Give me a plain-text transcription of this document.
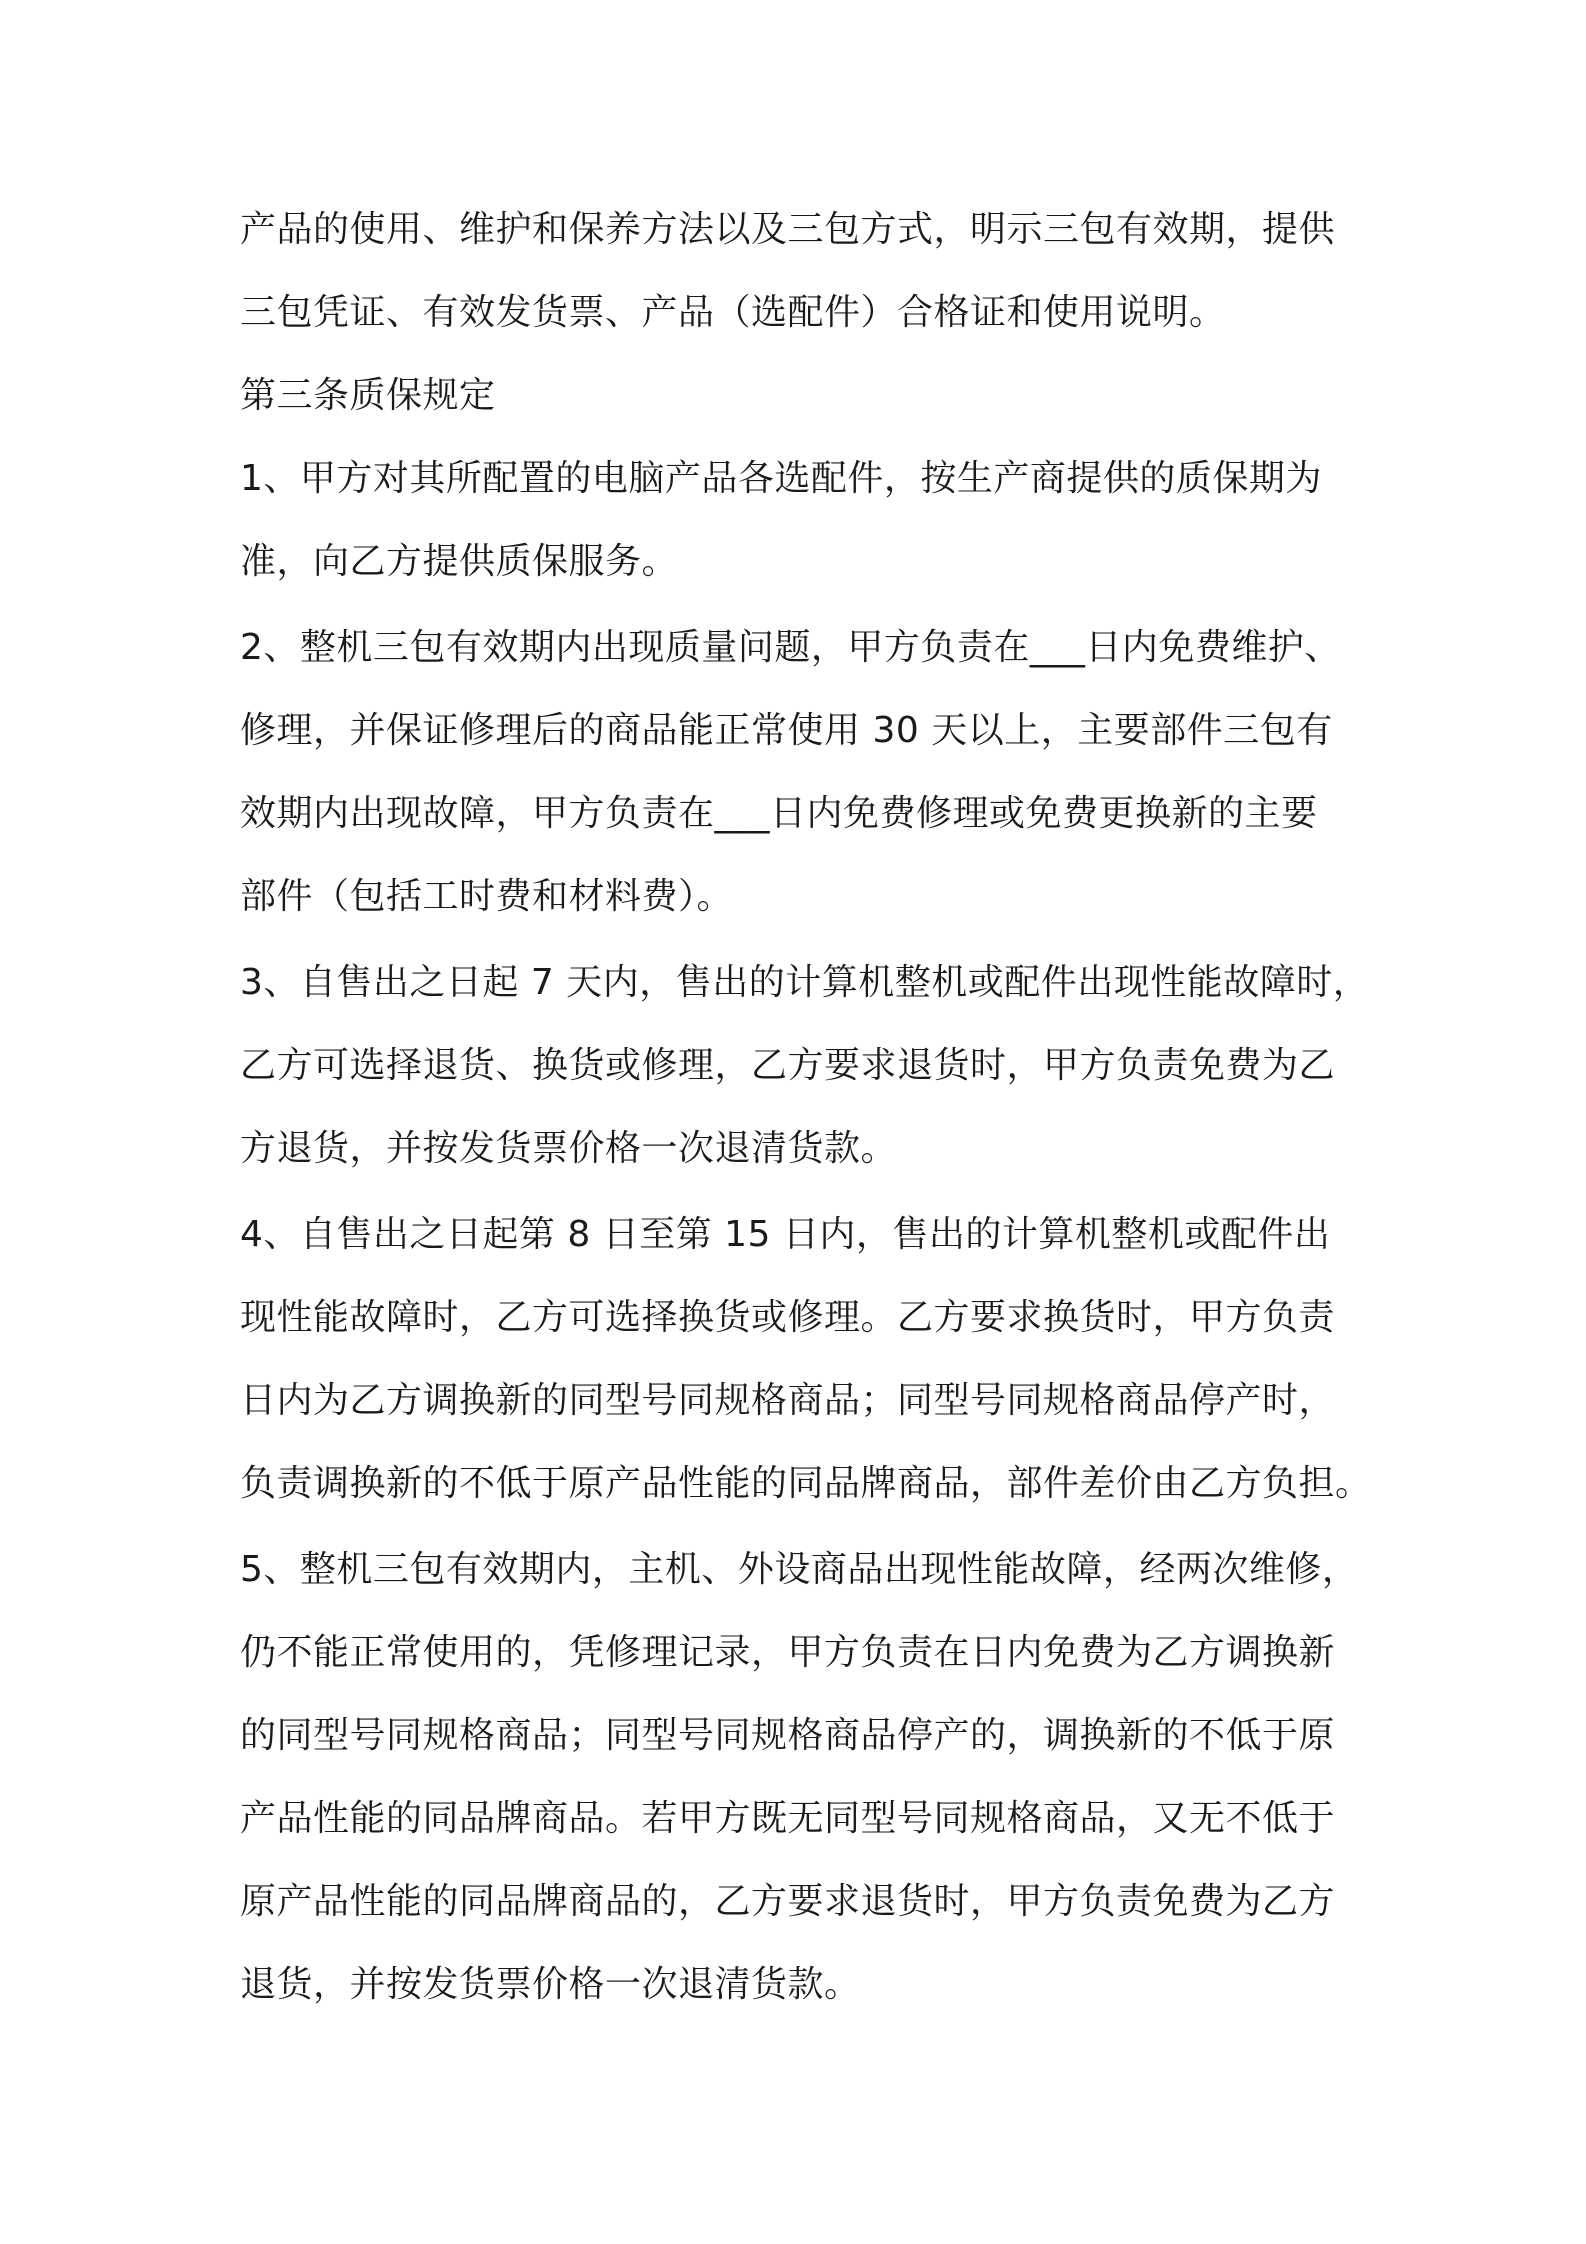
产品的使用、维护和保养方法以及三包方式，明示三包有效期，提供
三包凭证、有效发货票、产品（选配件）合格证和使用说明。
第三条质保规定
1、甲方对其所配置的电脑产品各选配件，按生产商提供的质保期为
准，向乙方提供质保服务。
2、整机三包有效期内出现质量问题，甲方负责在___日内免费维护、
修理，并保证修理后的商品能正常使用 30 天以上，主要部件三包有
效期内出现故障，甲方负责在___日内免费修理或免费更换新的主要
部件（包括工时费和材料费）。
3、自售出之日起 7 天内，售出的计算机整机或配件出现性能故障时，
乙方可选择退货、换货或修理，乙方要求退货时，甲方负责免费为乙
方退货，并按发货票价格一次退清货款。
4、自售出之日起第 8 日至第 15 日内，售出的计算机整机或配件出
现性能故障时，乙方可选择换货或修理。乙方要求换货时，甲方负责
日内为乙方调换新的同型号同规格商品；同型号同规格商品停产时，
负责调换新的不低于原产品性能的同品牌商品，部件差价由乙方负担。
5、整机三包有效期内，主机、外设商品出现性能故障，经两次维修，
仍不能正常使用的，凭修理记录，甲方负责在日内免费为乙方调换新
的同型号同规格商品；同型号同规格商品停产的，调换新的不低于原
产品性能的同品牌商品。若甲方既无同型号同规格商品，又无不低于
原产品性能的同品牌商品的，乙方要求退货时，甲方负责免费为乙方
退货，并按发货票价格一次退清货款。
